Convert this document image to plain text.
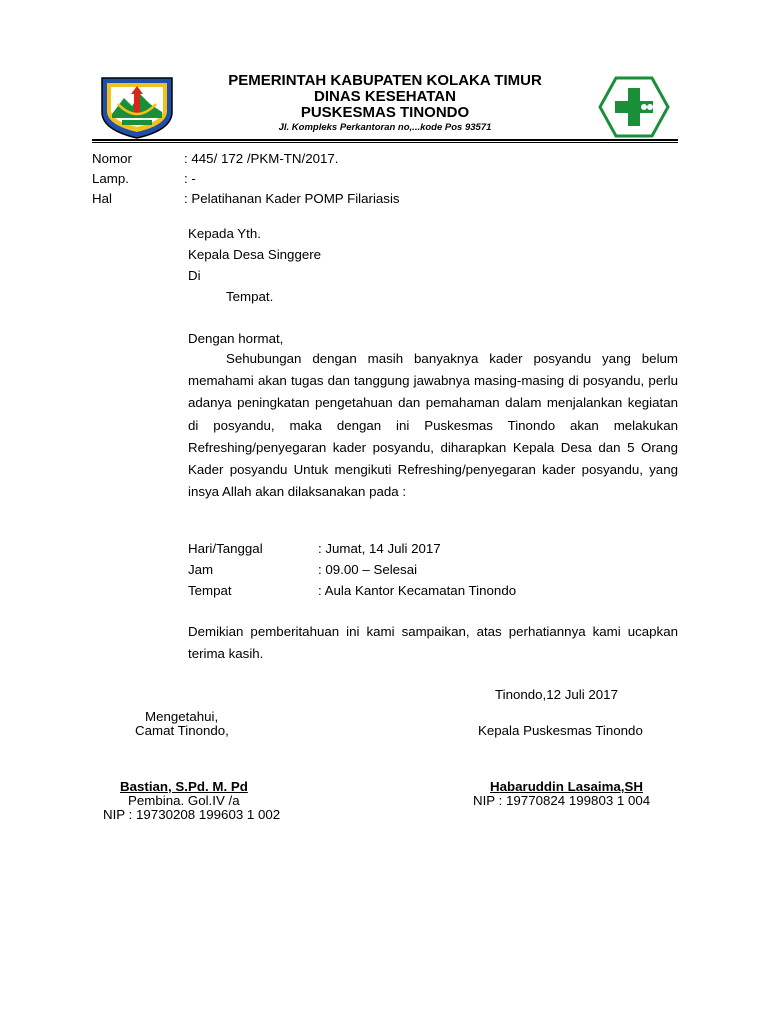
PEMERINTAH KABUPATEN KOLAKA TIMUR
DINAS KESEHATAN
PUSKESMAS TINONDO
Jl. Kompleks Perkantoran no,...kode Pos 93571
Nomor	: 445/ 172 /PKM-TN/2017.
Lamp.	: -
Hal	: Pelatihanan Kader POMP Filariasis
Kepada Yth.
Kepala Desa Singgere
Di
Tempat.
Dengan hormat,
Sehubungan dengan masih banyaknya kader posyandu yang belum memahami akan tugas dan tanggung jawabnya masing-masing di posyandu, perlu adanya peningkatan pengetahuan dan pemahaman dalam menjalankan kegiatan di posyandu, maka dengan ini Puskesmas Tinondo akan melakukan Refreshing/penyegaran kader posyandu, diharapkan Kepala Desa dan 5 Orang Kader posyandu Untuk mengikuti Refreshing/penyegaran kader posyandu, yang insya Allah akan dilaksanakan pada :
Hari/Tanggal	: Jumat, 14 Juli 2017
Jam	: 09.00 – Selesai
Tempat	: Aula Kantor Kecamatan Tinondo
Demikian pemberitahuan ini kami sampaikan, atas perhatiannya kami ucapkan terima kasih.
Tinondo,12 Juli 2017
Mengetahui,
Camat Tinondo,
Bastian, S.Pd. M. Pd
Pembina. Gol.IV /a
NIP : 19730208 199603 1 002
Kepala Puskesmas Tinondo
Habaruddin Lasaima,SH
NIP : 19770824 199803 1 004
